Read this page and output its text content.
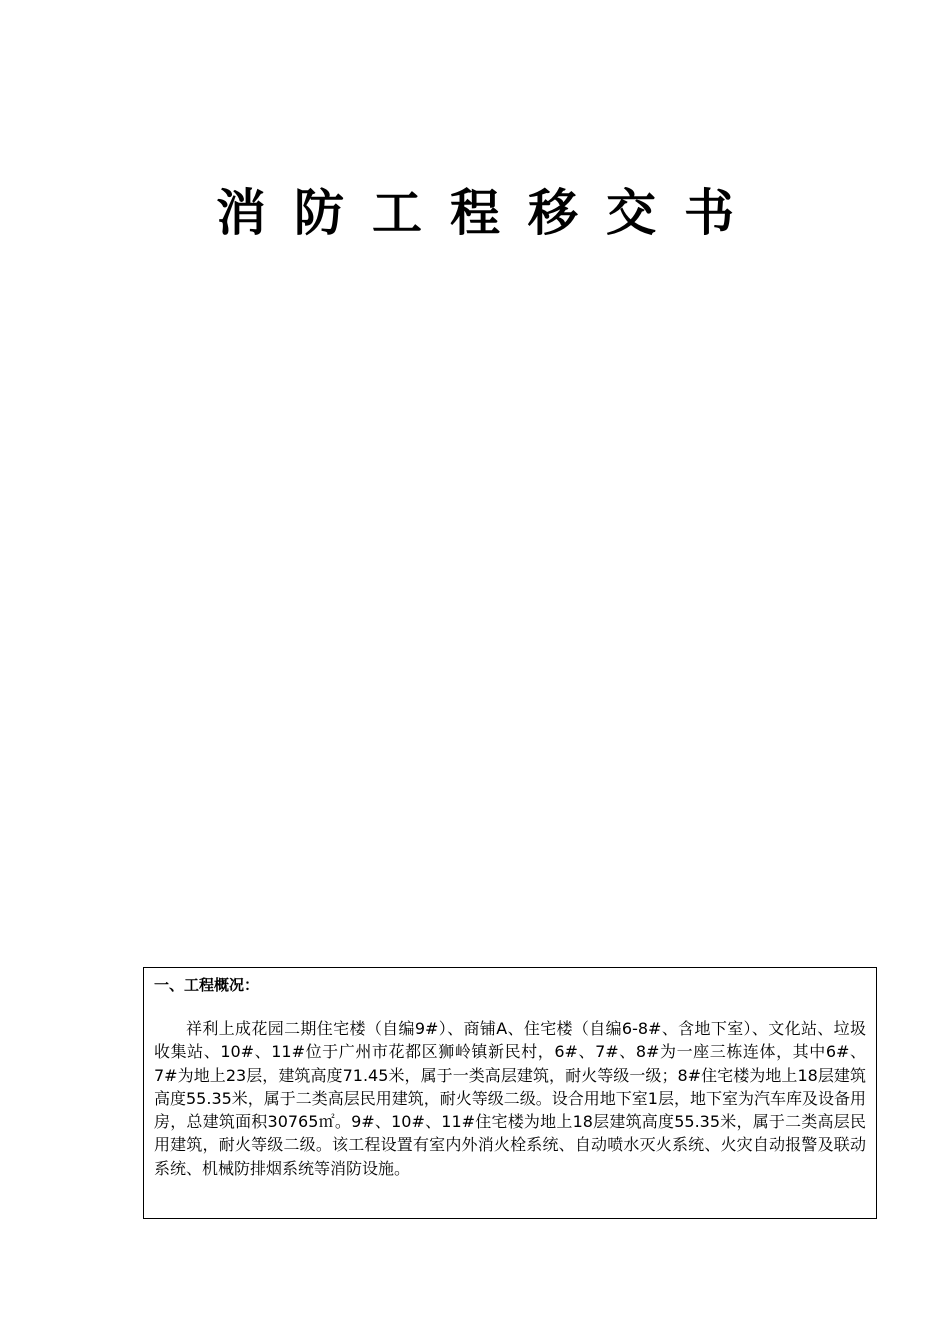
消防工程移交书
一、工程概况：

祥利上成花园二期住宅楼（自编9#）、商铺A、住宅楼（自编6-8#、含地下室）、文化站、垃圾收集站、10#、11#位于广州市花都区狮岭镇新民村，6#、7#、8#为一座三栋连体，其中6#、7#为地上23层，建筑高度71.45米，属于一类高层建筑，耐火等级一级；8#住宅楼为地上18层建筑高度55.35米，属于二类高层民用建筑，耐火等级二级。设合用地下室1层，地下室为汽车库及设备用房，总建筑面积30765㎡。9#、10#、11#住宅楼为地上18层建筑高度55.35米，属于二类高层民用建筑，耐火等级二级。该工程设置有室内外消火栓系统、自动喷水灭火系统、火灾自动报警及联动系统、机械防排烟系统等消防设施。
